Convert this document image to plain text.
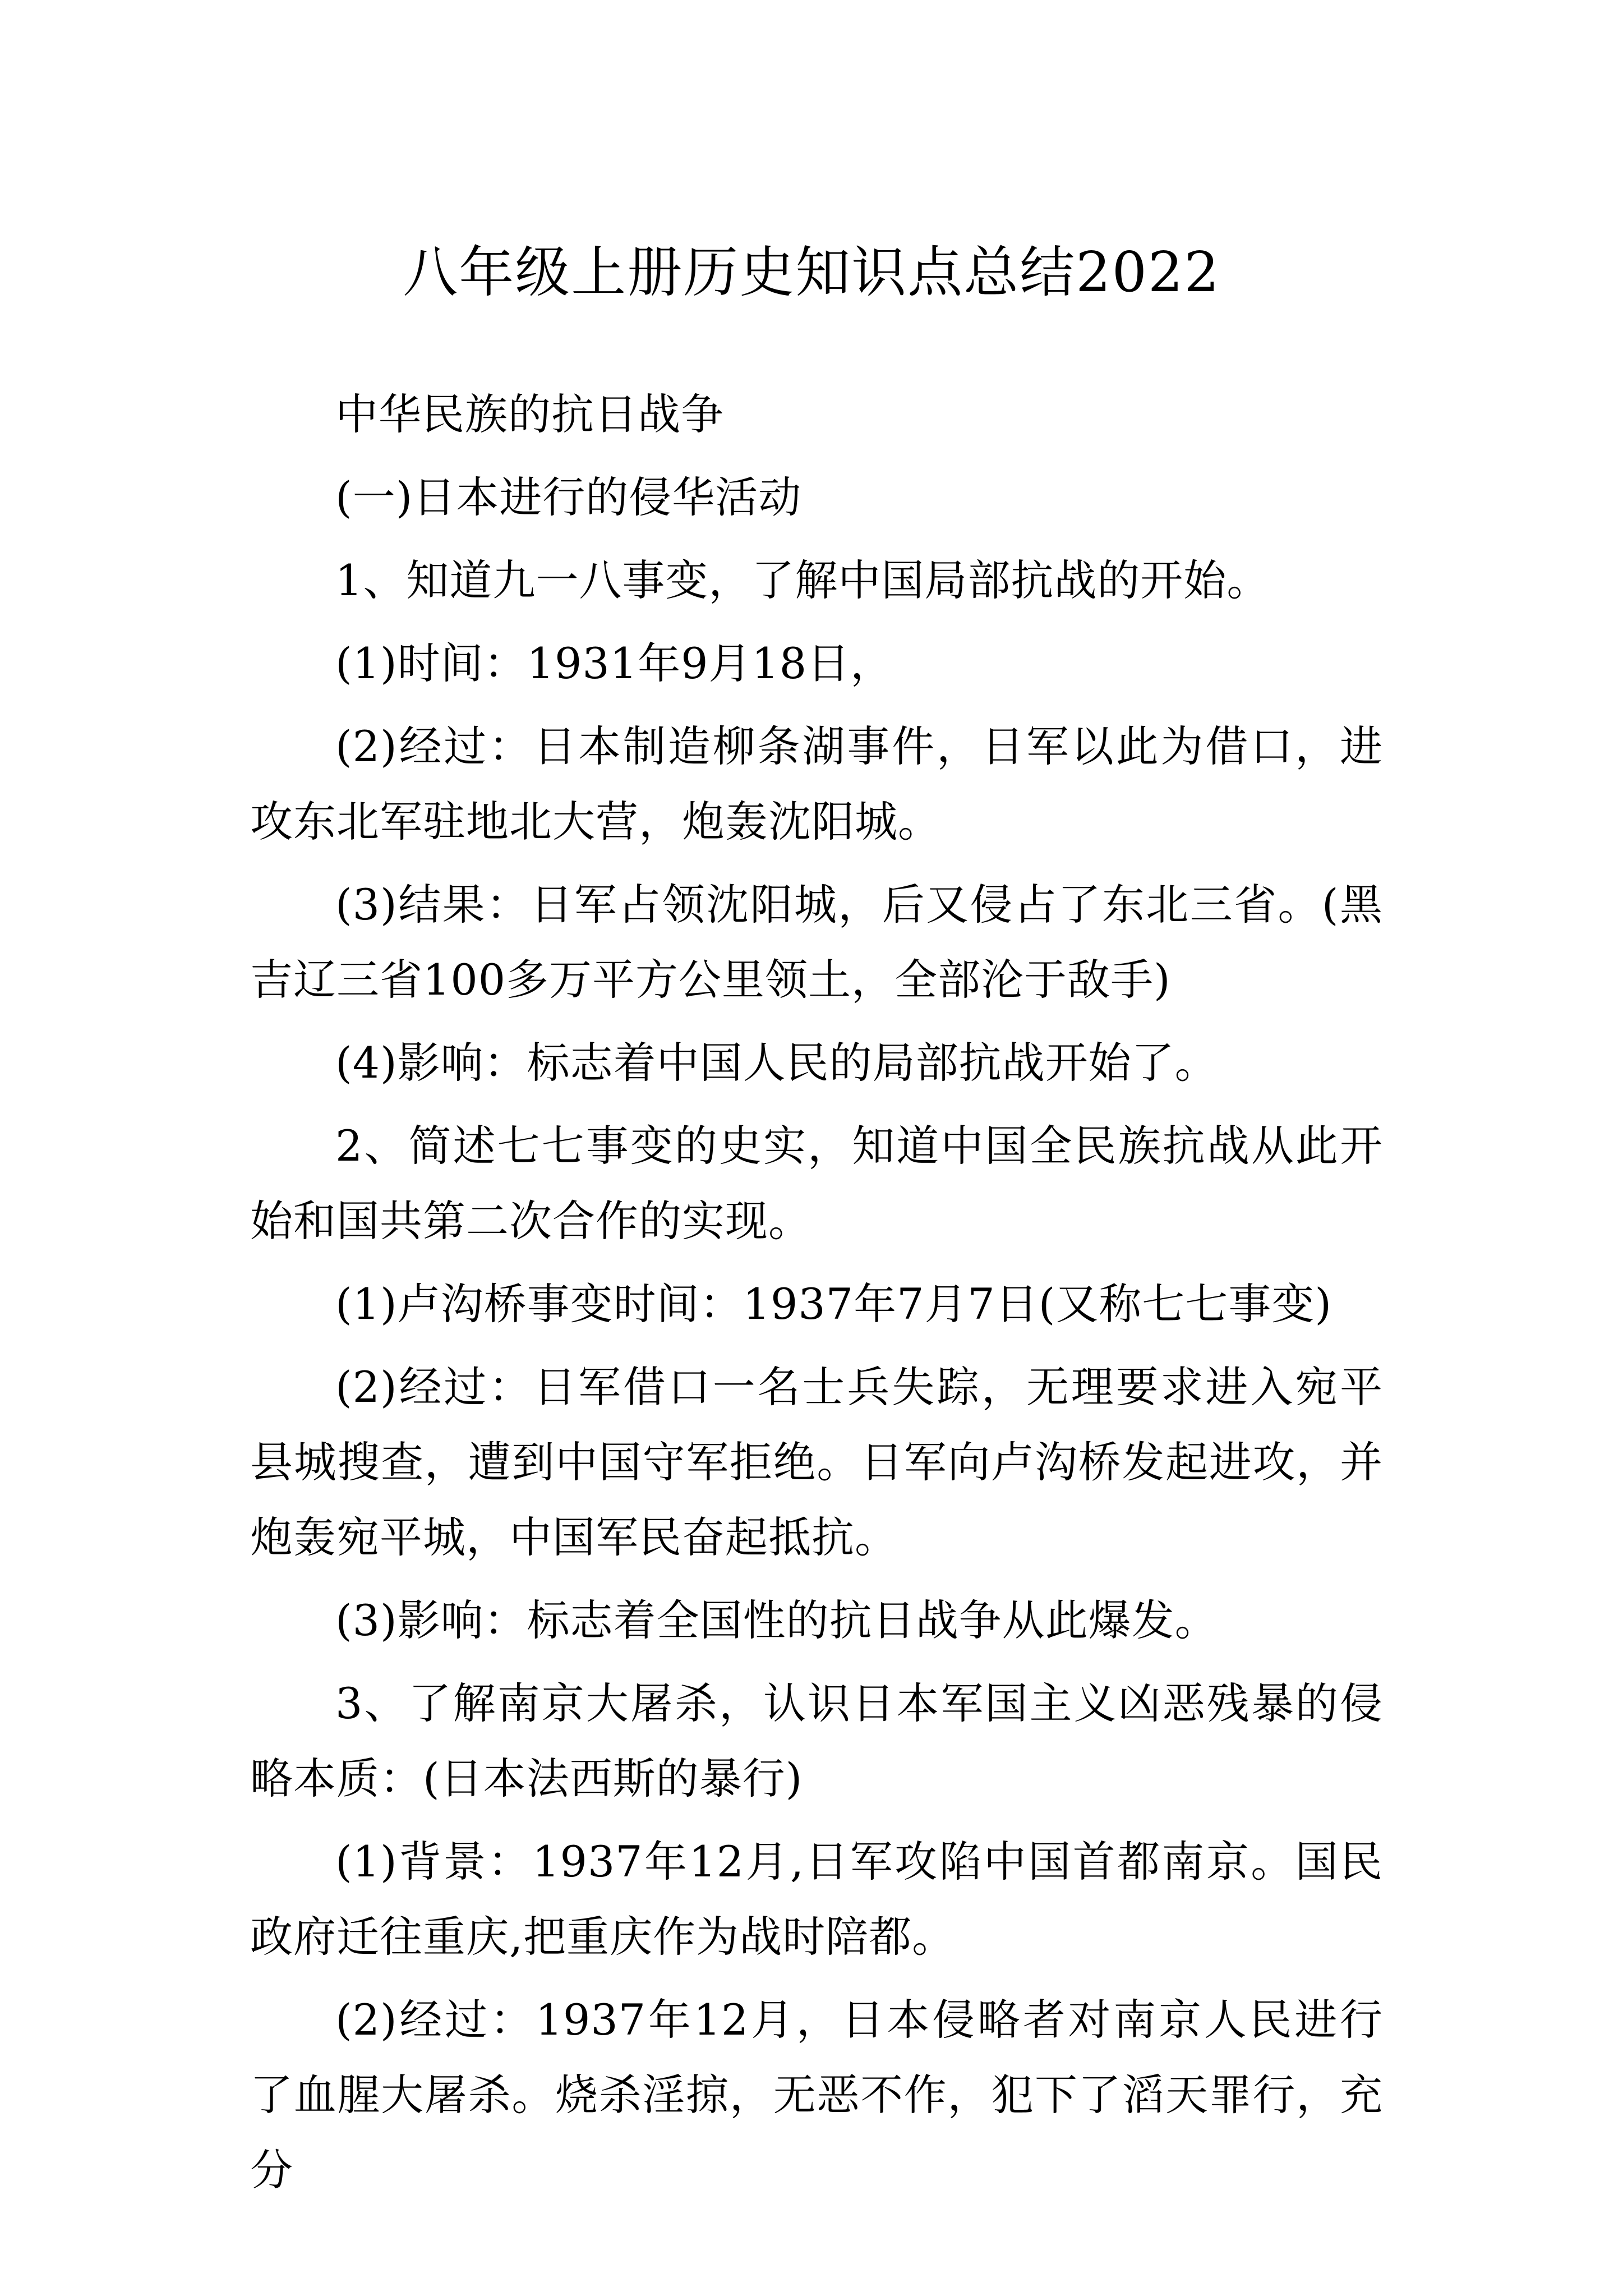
八年级上册历史知识点总结2022

中华民族的抗日战争

(一)日本进行的侵华活动

1、知道九一八事变，了解中国局部抗战的开始。

(1)时间：1931年9月18日，

(2)经过：日本制造柳条湖事件，日军以此为借口，进攻东北军驻地北大营，炮轰沈阳城。

(3)结果：日军占领沈阳城，后又侵占了东北三省。(黑吉辽三省100多万平方公里领土，全部沦于敌手)

(4)影响：标志着中国人民的局部抗战开始了。

2、简述七七事变的史实，知道中国全民族抗战从此开始和国共第二次合作的实现。

(1)卢沟桥事变时间：1937年7月7日(又称七七事变)

(2)经过：日军借口一名士兵失踪，无理要求进入宛平县城搜查，遭到中国守军拒绝。日军向卢沟桥发起进攻，并炮轰宛平城，中国军民奋起抵抗。

(3)影响：标志着全国性的抗日战争从此爆发。

3、了解南京大屠杀，认识日本军国主义凶恶残暴的侵略本质：(日本法西斯的暴行)

(1)背景：1937年12月,日军攻陷中国首都南京。国民政府迁往重庆,把重庆作为战时陪都。

(2)经过：1937年12月，日本侵略者对南京人民进行了血腥大屠杀。烧杀淫掠，无恶不作，犯下了滔天罪行，充分
